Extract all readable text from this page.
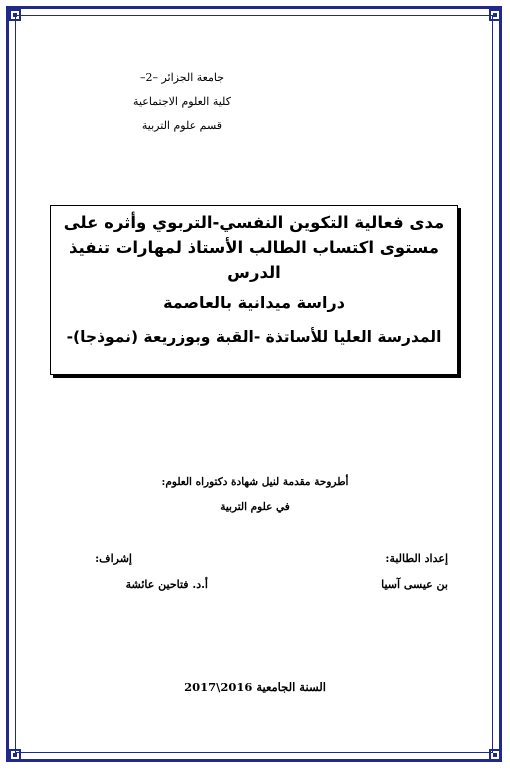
جامعة الجزائر –2–
كلية العلوم الاجتماعية
قسم علوم التربية
مدى فعالية التكوين النفسي-التربوي وأثره على
مستوى اكتساب الطالب الأستاذ لمهارات تنفيذ
الدرس
دراسة ميدانية بالعاصمة
المدرسة العليا للأساتذة -القبة وبوزريعة (نموذجا)-
أطروحة مقدمة لنيل شهادة دكتوراه العلوم:
في علوم التربية
إعداد الطالبة:
بن عيسى آسيا
إشراف:
أ.د. فتاحين عائشة
السنة الجامعية 2016\2017
